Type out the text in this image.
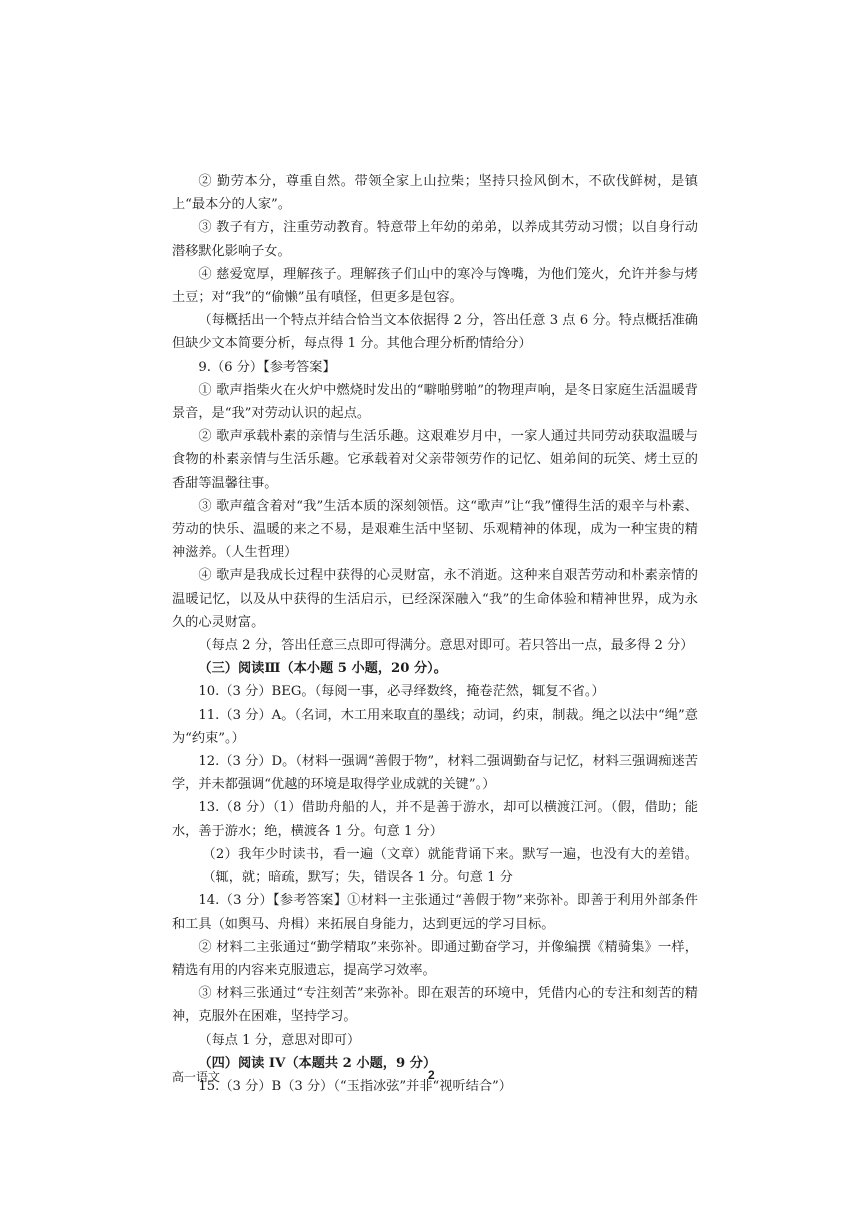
② 勤劳本分，尊重自然。带领全家上山拉柴；坚持只捡风倒木，不砍伐鲜树，是镇上“最本分的人家”。

③ 教子有方，注重劳动教育。特意带上年幼的弟弟，以养成其劳动习惯；以自身行动潜移默化影响子女。

④ 慈爱宽厚，理解孩子。理解孩子们山中的寒冷与馋嘴，为他们笼火，允许并参与烤土豆；对“我”的“偷懒”虽有嗔怪，但更多是包容。

（每概括出一个特点并结合恰当文本依据得 2 分，答出任意 3 点 6 分。特点概括准确但缺少文本简要分析，每点得 1 分。其他合理分析酌情给分）

9.（6 分）【参考答案】

① 歌声指柴火在火炉中燃烧时发出的“噼啪劈啪”的物理声响，是冬日家庭生活温暖背景音，是“我”对劳动认识的起点。

② 歌声承载朴素的亲情与生活乐趣。这艰难岁月中，一家人通过共同劳动获取温暖与食物的朴素亲情与生活乐趣。它承载着对父亲带领劳作的记忆、姐弟间的玩笑、烤土豆的香甜等温馨往事。

③ 歌声蕴含着对“我”生活本质的深刻领悟。这“歌声”让“我”懂得生活的艰辛与朴素、劳动的快乐、温暖的来之不易，是艰难生活中坚韧、乐观精神的体现，成为一种宝贵的精神滋养。（人生哲理）

④ 歌声是我成长过程中获得的心灵财富，永不消逝。这种来自艰苦劳动和朴素亲情的温暖记忆，以及从中获得的生活启示，已经深深融入“我”的生命体验和精神世界，成为永久的心灵财富。

（每点 2 分，答出任意三点即可得满分。意思对即可。若只答出一点，最多得 2 分）

（三）阅读Ⅲ（本小题 5 小题，20 分）。

10.（3 分）BEG。（每阅一事，必寻绎数终，掩卷茫然，辄复不省。）

11.（3 分）A。（名词，木工用来取直的墨线；动词，约束，制裁。绳之以法中“绳”意为“约束”。）

12.（3 分）D。（材料一强调“善假于物”，材料二强调勤奋与记忆，材料三强调痴迷苦学，并未都强调“优越的环境是取得学业成就的关键”。）

13.（8 分）（1）借助舟船的人，并不是善于游水，却可以横渡江河。（假，借助；能水，善于游水；绝，横渡各 1 分。句意 1 分）

（2）我年少时读书，看一遍（文章）就能背诵下来。默写一遍，也没有大的差错。（辄，就；暗疏，默写；失，错误各 1 分。句意 1 分

14.（3 分）【参考答案】①材料一主张通过“善假于物”来弥补。即善于利用外部条件和工具（如舆马、舟楫）来拓展自身能力，达到更远的学习目标。

② 材料二主张通过“勤学精取”来弥补。即通过勤奋学习，并像编撰《精骑集》一样，精选有用的内容来克服遗忘，提高学习效率。

③ 材料三张通过“专注刻苦”来弥补。即在艰苦的环境中，凭借内心的专注和刻苦的精神，克服外在困难，坚持学习。

（每点 1 分，意思对即可）

（四）阅读 IV（本题共 2 小题，9 分）

15.（3 分）B（3 分）（“玉指冰弦”并非“视听结合”）

高一语文	2
